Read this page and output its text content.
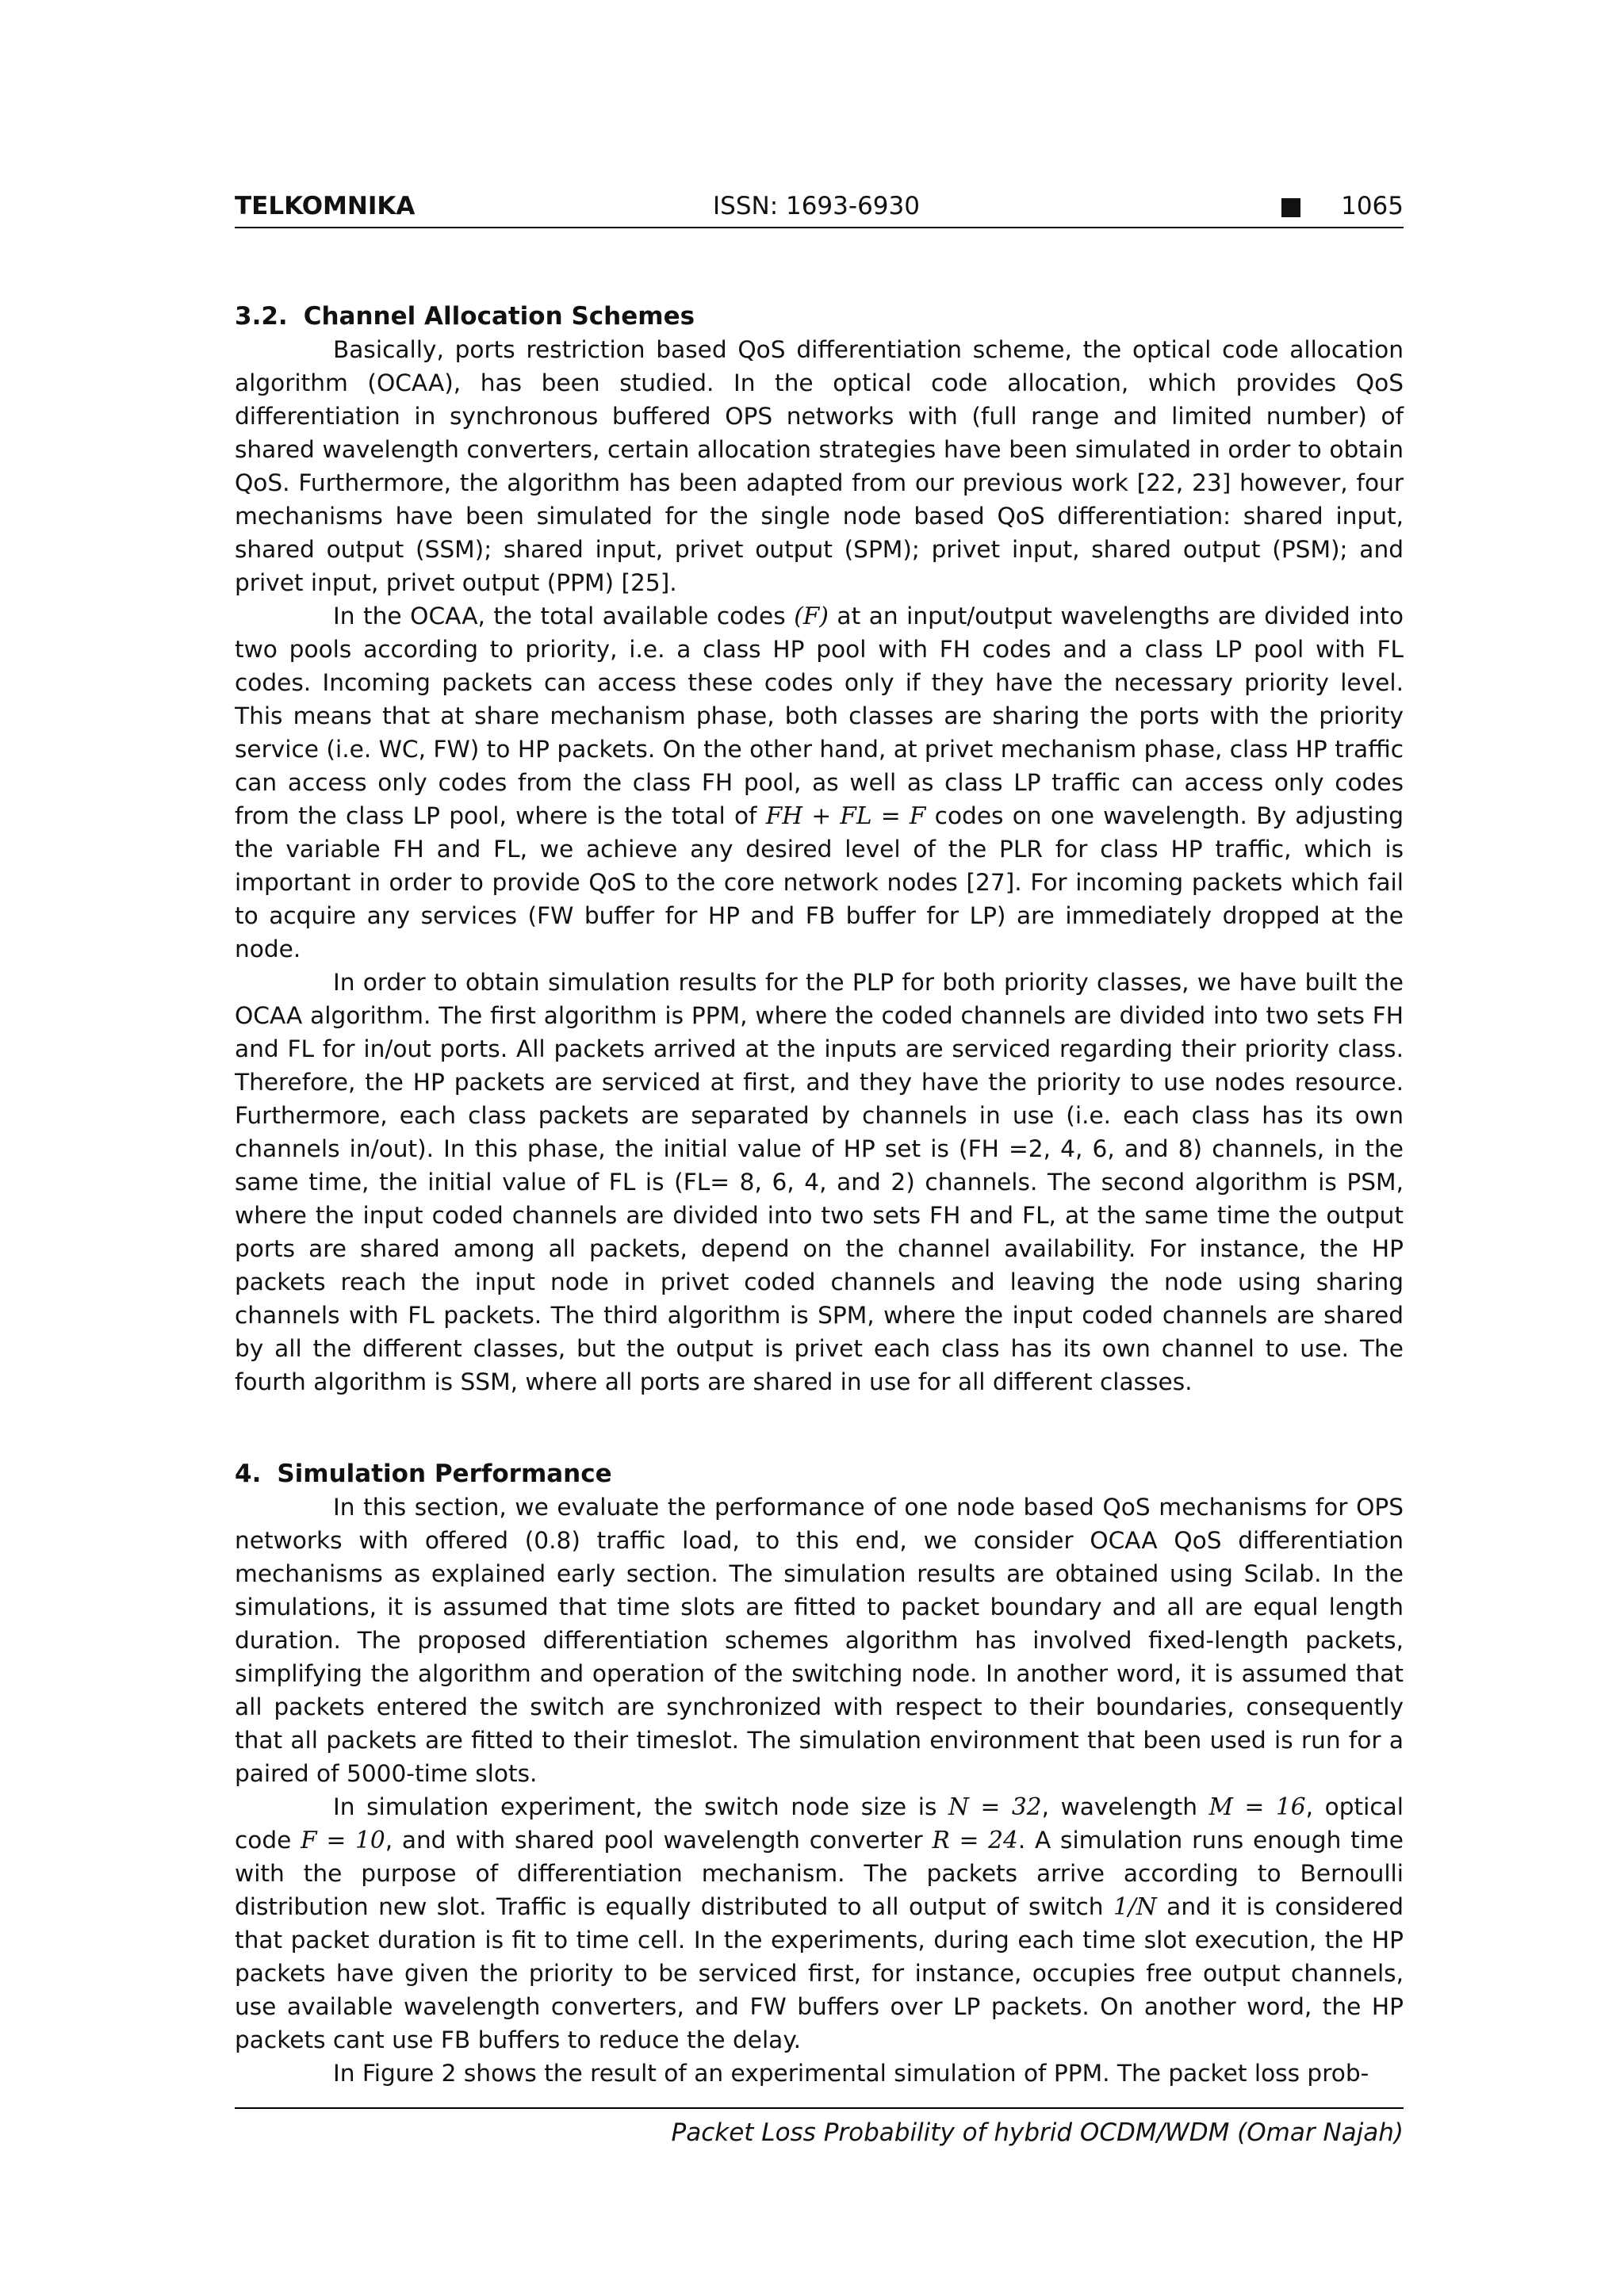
TELKOMNIKA	ISSN: 1693-6930	1065
3.2. Channel Allocation Schemes

Basically, ports restriction based QoS differentiation scheme, the optical code allocation algorithm (OCAA), has been studied. In the optical code allocation, which provides QoS differentiation in synchronous buffered OPS networks with (full range and limited number) of shared wavelength converters, certain allocation strategies have been simulated in order to obtain QoS. Furthermore, the algorithm has been adapted from our previous work [22, 23] however, four mechanisms have been simulated for the single node based QoS differentiation: shared input, shared output (SSM); shared input, privet output (SPM); privet input, shared output (PSM); and privet input, privet output (PPM) [25].

In the OCAA, the total available codes (F) at an input/output wavelengths are divided into two pools according to priority, i.e. a class HP pool with FH codes and a class LP pool with FL codes. Incoming packets can access these codes only if they have the necessary priority level. This means that at share mechanism phase, both classes are sharing the ports with the priority service (i.e. WC, FW) to HP packets. On the other hand, at privet mechanism phase, class HP traffic can access only codes from the class FH pool, as well as class LP traffic can access only codes from the class LP pool, where is the total of FH + FL = F codes on one wavelength. By adjusting the variable FH and FL, we achieve any desired level of the PLR for class HP traffic, which is important in order to provide QoS to the core network nodes [27]. For incoming packets which fail to acquire any services (FW buffer for HP and FB buffer for LP) are immediately dropped at the node.

In order to obtain simulation results for the PLP for both priority classes, we have built the OCAA algorithm. The first algorithm is PPM, where the coded channels are divided into two sets FH and FL for in/out ports. All packets arrived at the inputs are serviced regarding their priority class. Therefore, the HP packets are serviced at first, and they have the priority to use nodes resource. Furthermore, each class packets are separated by channels in use (i.e. each class has its own channels in/out). In this phase, the initial value of HP set is (FH =2, 4, 6, and 8) channels, in the same time, the initial value of FL is (FL= 8, 6, 4, and 2) channels. The second algorithm is PSM, where the input coded channels are divided into two sets FH and FL, at the same time the output ports are shared among all packets, depend on the channel availability. For instance, the HP packets reach the input node in privet coded channels and leaving the node using sharing channels with FL packets. The third algorithm is SPM, where the input coded channels are shared by all the different classes, but the output is privet each class has its own channel to use. The fourth algorithm is SSM, where all ports are shared in use for all different classes.

4. Simulation Performance

In this section, we evaluate the performance of one node based QoS mechanisms for OPS networks with offered (0.8) traffic load, to this end, we consider OCAA QoS differentiation mechanisms as explained early section. The simulation results are obtained using Scilab. In the simulations, it is assumed that time slots are fitted to packet boundary and all are equal length duration. The proposed differentiation schemes algorithm has involved fixed-length packets, simplifying the algorithm and operation of the switching node. In another word, it is assumed that all packets entered the switch are synchronized with respect to their boundaries, consequently that all packets are fitted to their timeslot. The simulation environment that been used is run for a paired of 5000-time slots.

In simulation experiment, the switch node size is N = 32, wavelength M = 16, optical code F = 10, and with shared pool wavelength converter R = 24. A simulation runs enough time with the purpose of differentiation mechanism. The packets arrive according to Bernoulli distribution new slot. Traffic is equally distributed to all output of switch 1/N and it is considered that packet duration is fit to time cell. In the experiments, during each time slot execution, the HP packets have given the priority to be serviced first, for instance, occupies free output channels, use available wavelength converters, and FW buffers over LP packets. On another word, the HP packets cant use FB buffers to reduce the delay.

In Figure 2 shows the result of an experimental simulation of PPM. The packet loss prob-

Packet Loss Probability of hybrid OCDM/WDM (Omar Najah)
